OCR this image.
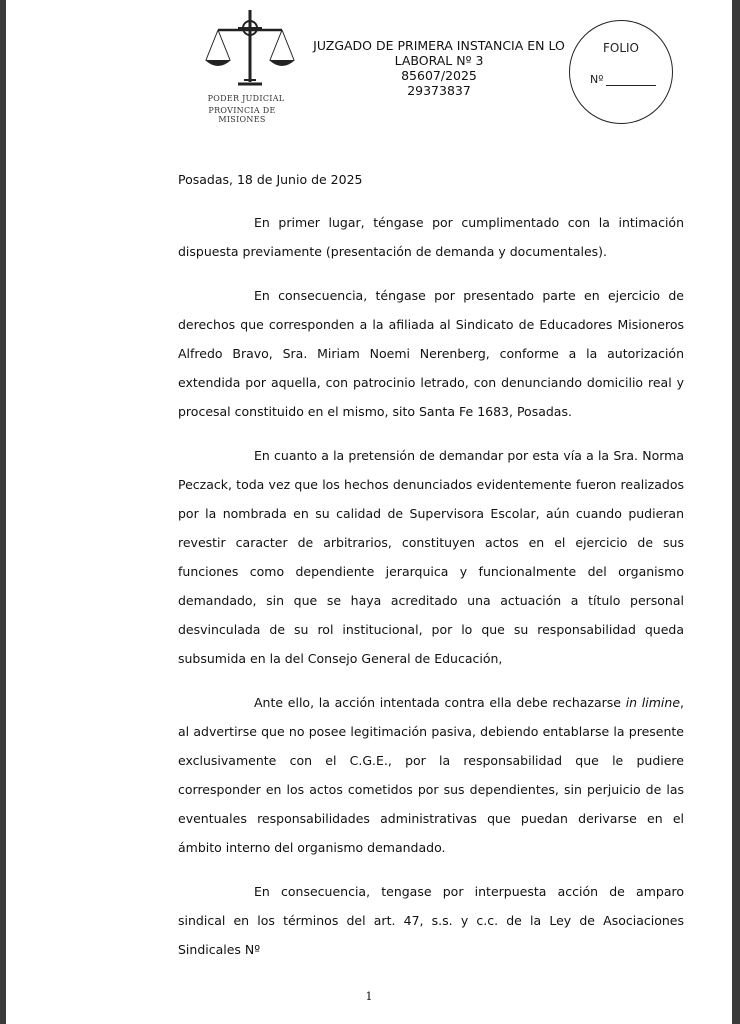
PODER JUDICIAL
PROVINCIA DE MISIONES
JUZGADO DE PRIMERA INSTANCIA EN LO
LABORAL Nº 3
85607/2025
29373837
FOLIO
Nº
Posadas, 18 de Junio de 2025

En primer lugar, téngase por cumplimentado con la intimación dispuesta previamente (presentación de demanda y documentales).

En consecuencia, téngase por presentado parte en ejercicio de derechos que corresponden a la afiliada al Sindicato de Educadores Misioneros Alfredo Bravo, Sra. Miriam Noemi Nerenberg, conforme a la autorización extendida por aquella, con patrocinio letrado, con denunciando domicilio real y procesal constituido en el mismo, sito Santa Fe 1683, Posadas.

En cuanto a la pretensión de demandar por esta vía a la Sra. Norma Peczack, toda vez que los hechos denunciados evidentemente fueron realizados por la nombrada en su calidad de Supervisora Escolar, aún cuando pudieran revestir caracter de arbitrarios, constituyen actos en el ejercicio de sus funciones como dependiente jerarquica y funcionalmente del organismo demandado, sin que se haya acreditado una actuación a título personal desvinculada de su rol institucional, por lo que su responsabilidad queda subsumida en la del Consejo General de Educación,

Ante ello, la acción intentada contra ella debe rechazarse in limine, al advertirse que no posee legitimación pasiva, debiendo entablarse la presente exclusivamente con el C.G.E., por la responsabilidad que le pudiere corresponder en los actos cometidos por sus dependientes, sin perjuicio de las eventuales responsabilidades administrativas que puedan derivarse en el ámbito interno del organismo demandado.

En consecuencia, tengase por interpuesta acción de amparo sindical en los términos del art. 47, s.s. y c.c. de la Ley de Asociaciones Sindicales Nº

1
